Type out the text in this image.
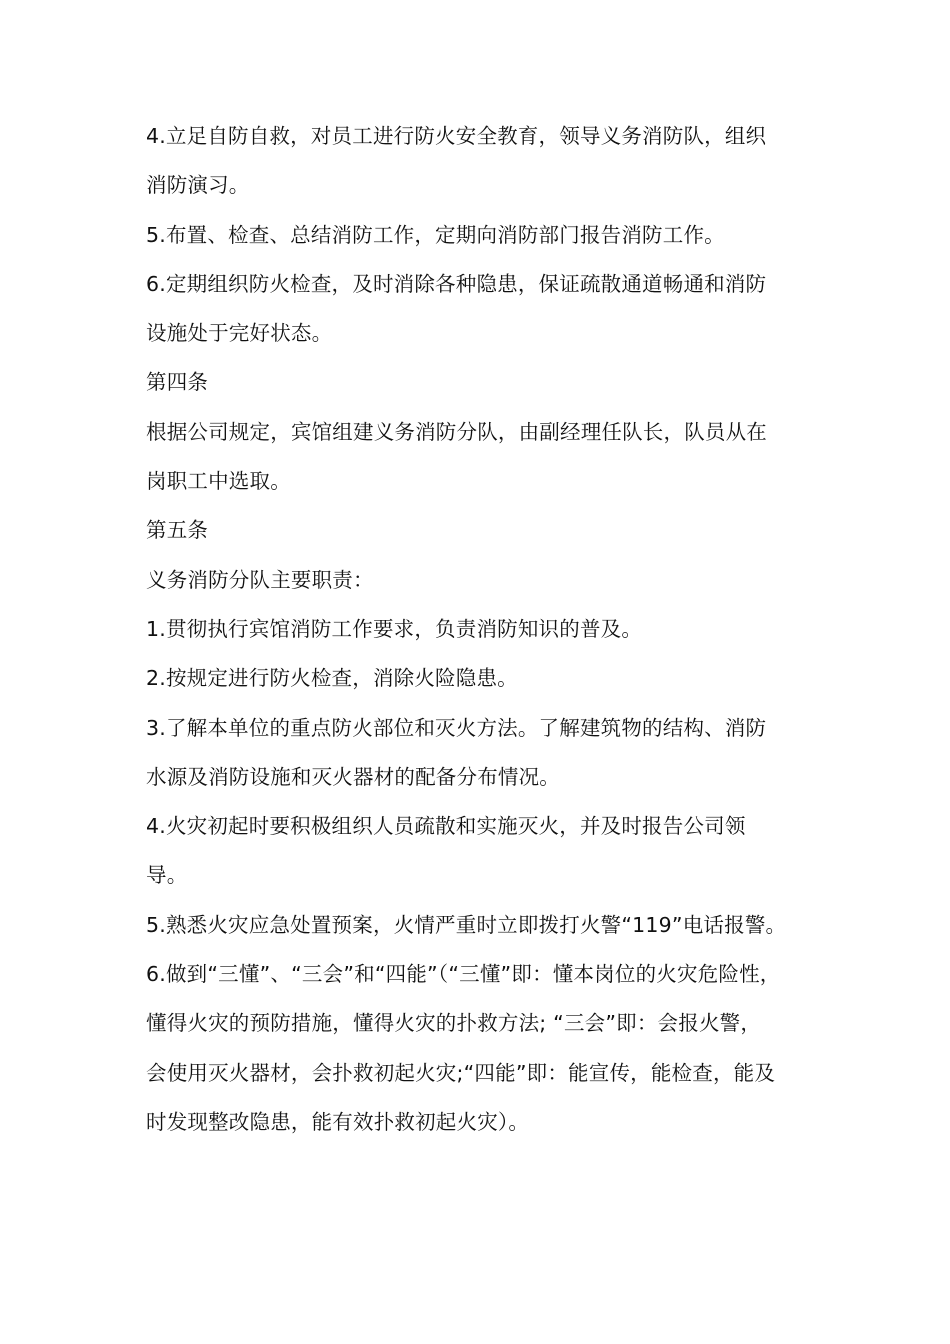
4.立足自防自救，对员工进行防火安全教育，领导义务消防队，组织
消防演习。
5.布置、检查、总结消防工作，定期向消防部门报告消防工作。
6.定期组织防火检查，及时消除各种隐患，保证疏散通道畅通和消防
设施处于完好状态。
第四条
根据公司规定，宾馆组建义务消防分队，由副经理任队长，队员从在
岗职工中选取。
第五条
义务消防分队主要职责：
1.贯彻执行宾馆消防工作要求，负责消防知识的普及。
2.按规定进行防火检查，消除火险隐患。
3.了解本单位的重点防火部位和灭火方法。了解建筑物的结构、消防
水源及消防设施和灭火器材的配备分布情况。
4.火灾初起时要积极组织人员疏散和实施灭火，并及时报告公司领
导。
5.熟悉火灾应急处置预案，火情严重时立即拨打火警“119”电话报警。
6.做到“三懂”、“三会”和“四能”（“三懂”即：懂本岗位的火灾危险性，
懂得火灾的预防措施，懂得火灾的扑救方法; “三会”即：会报火警，
会使用灭火器材，会扑救初起火灾;“四能”即：能宣传，能检查，能及
时发现整改隐患，能有效扑救初起火灾）。
